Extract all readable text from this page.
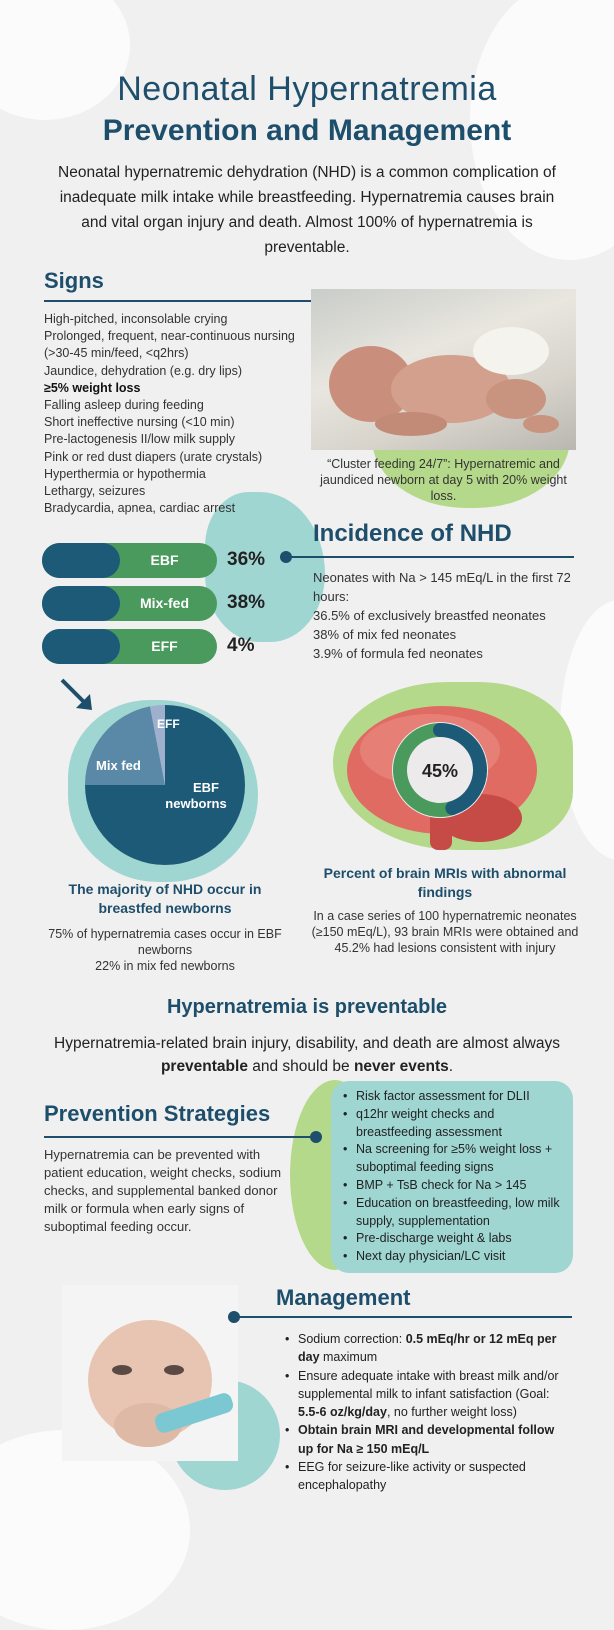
Neonatal Hypernatremia
Prevention and Management
Neonatal hypernatremic dehydration (NHD) is a common complication of inadequate milk intake while breastfeeding. Hypernatremia causes brain and vital organ injury and death. Almost 100% of hypernatremia is preventable.
Signs
“Cluster feeding 24/7”: Hypernatremic and jaundiced newborn at day 5 with 20% weight loss.
High-pitched, inconsolable crying
Prolonged, frequent, near-continuous nursing (>30-45 min/feed, <q2hrs)
Jaundice, dehydration (e.g. dry lips)
≥5% weight loss
Falling asleep during feeding
Short ineffective nursing (<10 min)
Pre-lactogenesis II/low milk supply
Pink or red dust diapers (urate crystals)
Hyperthermia or hypothermia
Lethargy, seizures
Bradycardia, apnea, cardiac arrest
Incidence of NHD
EBF	36%
Mix-fed	38%
EFF	4%
Neonates with Na > 145 mEq/L in the first 72 hours:
36.5% of exclusively breastfed neonates
38% of mix fed neonates
3.9% of formula fed neonates
EFF
Mix fed
EBF
newborns
The majority of NHD occur in breastfed newborns
75% of hypernatremia cases occur in EBF newborns
22% in mix fed newborns
45%
Percent of brain MRIs with abnormal findings
In a case series of 100 hypernatremic neonates (≥150 mEq/L), 93 brain MRIs were obtained and 45.2% had lesions consistent with injury
Hypernatremia is preventable
Hypernatremia-related brain injury, disability, and death are almost always preventable and should be never events.
Prevention Strategies
Hypernatremia can be prevented with patient education, weight checks, sodium checks, and supplemental banked donor milk or formula when early signs of suboptimal feeding occur.
• Risk factor assessment for DLII
• q12hr weight checks and breastfeeding assessment
• Na screening for ≥5% weight loss + suboptimal feeding signs
• BMP + TsB check for Na > 145
• Education on breastfeeding, low milk supply, supplementation
• Pre-discharge weight & labs
• Next day physician/LC visit
Management
• Sodium correction: 0.5 mEq/hr or 12 mEq per day maximum
• Ensure adequate intake with breast milk and/or supplemental milk to infant satisfaction (Goal: 5.5-6 oz/kg/day, no further weight loss)
• Obtain brain MRI and developmental follow up for Na ≥ 150 mEq/L
• EEG for seizure-like activity or suspected encephalopathy
